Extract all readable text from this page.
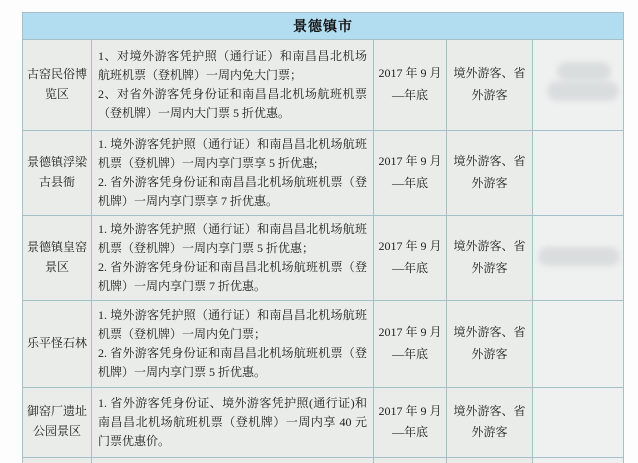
景德镇市				
古窑民俗博览区	1、对境外游客凭护照（通行证）和南昌昌北机场航班机票（登机牌）一周内免大门票；

2、对省外游客凭身份证和南昌昌北机场航班机票（登机牌）一周内大门票 5 折优惠。	2017 年 9 月—年底	境外游客、省外游客	

景德镇浮梁古县衙	1. 境外游客凭护照（通行证）和南昌昌北机场航班机票（登机牌）一周内享门票享 5 折优惠;

2. 省外游客凭身份证和南昌昌北机场航班机票（登机牌）一周内享门票享 7 折优惠。	2017 年 9 月—年底	境外游客、省外游客	
景德镇皇窑景区	1. 境外游客凭护照（通行证）和南昌昌北机场航班机票（登机牌）一周内享门票 5 折优惠；

2. 省外游客凭身份证和南昌昌北机场航班机票（登机牌）一周内享门票 7 折优惠。	2017 年 9 月—年底	境外游客、省外游客	

乐平怪石林	1. 境外游客凭护照（通行证）和南昌昌北机场航班机票（登机牌）一周内免门票；

2. 省外游客凭身份证和南昌昌北机场航班机票（登机牌）一周内享门票 5 折优惠。	2017 年 9 月—年底	境外游客、省外游客	
御窑厂遗址公园景区	1. 省外游客凭身份证、境外游客凭护照(通行证)和南昌昌北机场航班机票（登机牌）一周内享 40 元门票优惠价。	2017 年 9 月—年底	境外游客、省外游客	
